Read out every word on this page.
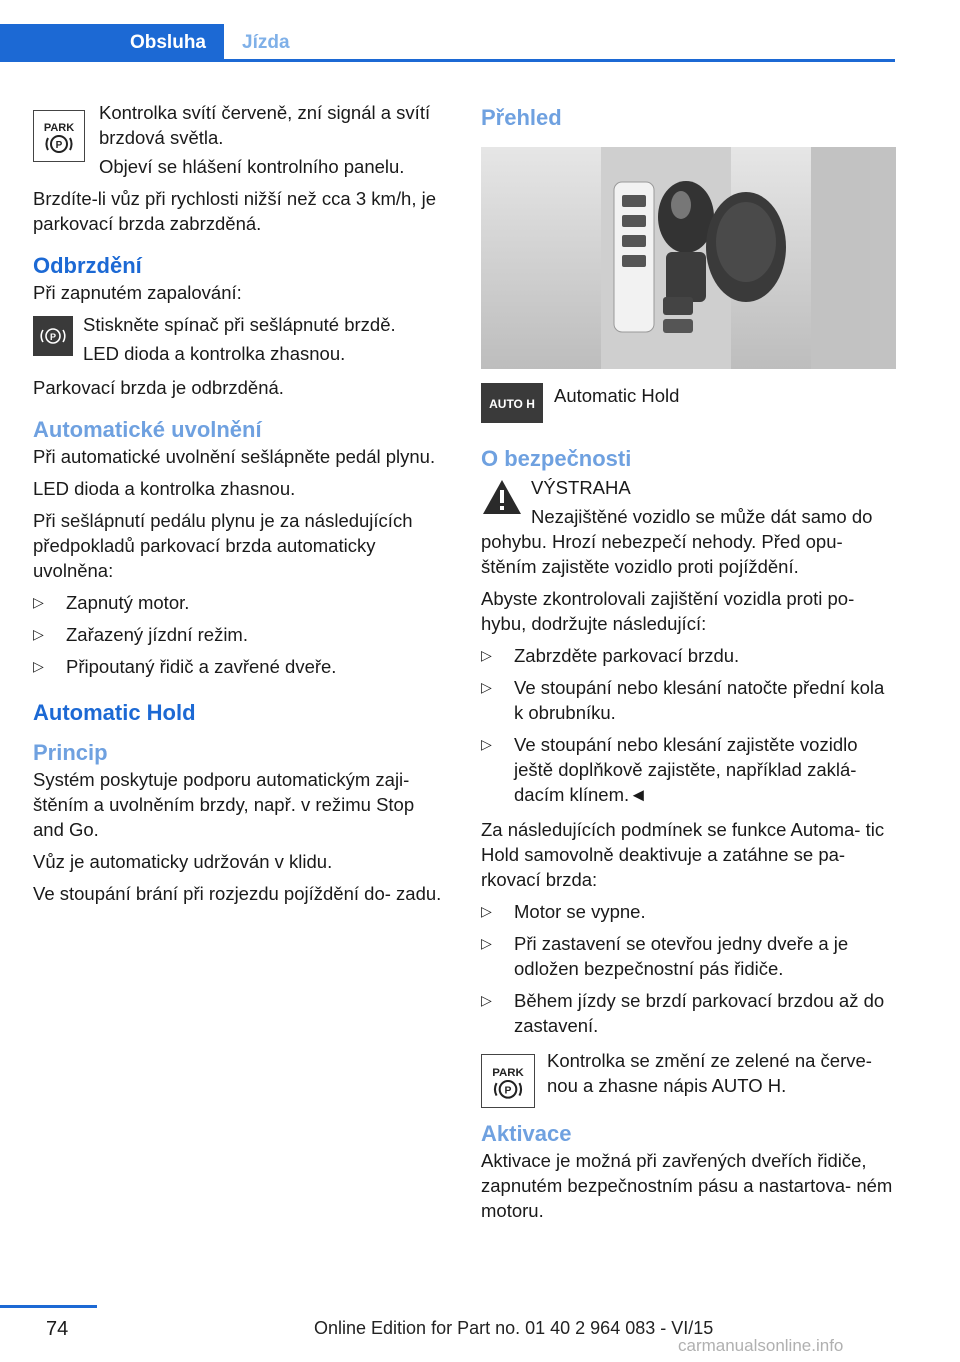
Obsluha Jízda
PARK
P

Kontrolka svítí červeně, zní signál a svítí brzdová světla.

Objeví se hlášení kontrolního panelu.

Brzdíte-li vůz při rychlosti nižší než cca 3 km/h, je parkovací brzda zabrzděná.

Odbrzdění

Při zapnutém zapalování:

P

Stiskněte spínač při sešlápnuté brzdě.

LED dioda a kontrolka zhasnou.

Parkovací brzda je odbrzděná.

Automatické uvolnění

Při automatické uvolnění sešlápněte pedál plynu.

LED dioda a kontrolka zhasnou.

Při sešlápnutí pedálu plynu je za následujících předpokladů parkovací brzda automaticky uvolněna:

▷ Zapnutý motor.
▷ Zařazený jízdní režim.
▷ Připoutaný řidič a zavřené dveře.
Automatic Hold
Princip

Systém poskytuje podporu automatickým zaji- štěním a uvolněním brzdy, např. v režimu Stop and Go.

Vůz je automaticky udržován v klidu.

Ve stoupání brání při rozjezdu pojíždění do- zadu.

Přehled
AUTO H Automatic Hold

O bezpečnosti

VÝSTRAHA

Nezajištěné vozidlo se může dát samo do pohybu. Hrozí nebezpečí nehody. Před opu- štěním zajistěte vozidlo proti pojíždění.

Abyste zkontrolovali zajištění vozidla proti po- hybu, dodržujte následující:

▷ Zabrzděte parkovací brzdu.
▷ Ve stoupání nebo klesání natočte přední kola k obrubníku.
▷ Ve stoupání nebo klesání zajistěte vozidlo ještě doplňkově zajistěte, například zaklá- dacím klínem.◄

Za následujících podmínek se funkce Automa- tic Hold samovolně deaktivuje a zatáhne se pa- rkovací brzda:

▷ Motor se vypne.
▷ Při zastavení se otevřou jedny dveře a je odložen bezpečnostní pás řidiče.
▷ Během jízdy se brzdí parkovací brzdou až do zastavení.
PARK
P

Kontrolka se změní ze zelené na červe- nou a zhasne nápis AUTO H.

Aktivace

Aktivace je možná při zavřených dveřích řidiče, zapnutém bezpečnostním pásu a nastartova- ném motoru.

74	Online Edition for Part no. 01 40 2 964 083 - VI/15
carmanualsonline.info
